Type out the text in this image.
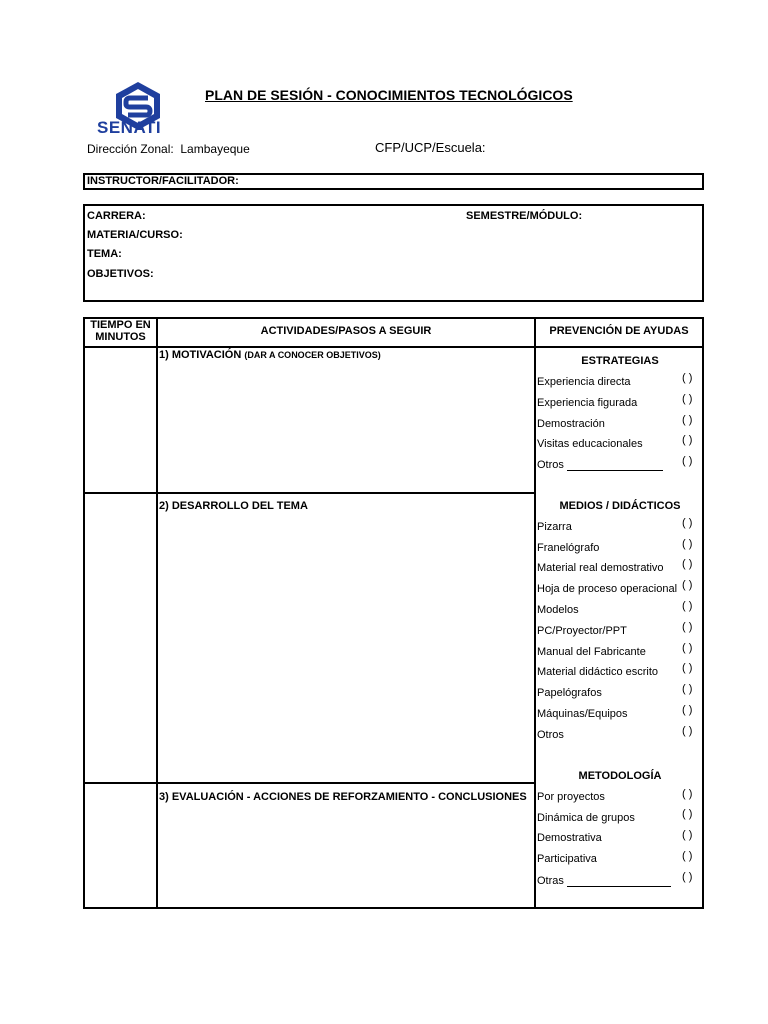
SENATI
PLAN DE SESIÓN - CONOCIMIENTOS TECNOLÓGICOS
Dirección Zonal: Lambayeque	CFP/UCP/Escuela:
INSTRUCTOR/FACILITADOR:
CARRERA:	SEMESTRE/MÓDULO:
MATERIA/CURSO:
TEMA:
OBJETIVOS:
TIEMPO EN MINUTOS	ACTIVIDADES/PASOS A SEGUIR	PREVENCIÓN DE AYUDAS
1) MOTIVACIÓN (DAR A CONOCER OBJETIVOS)
2) DESARROLLO DEL TEMA
3) EVALUACIÓN - ACCIONES DE REFORZAMIENTO - CONCLUSIONES
ESTRATEGIAS
Experiencia directa	( )
Experiencia figurada	( )
Demostración	( )
Visitas educacionales	( )
Otros	( )
MEDIOS / DIDÁCTICOS
Pizarra	( )
Franelógrafo	( )
Material real demostrativo ( )
Hoja de proceso operacional ( )
Modelos	( )
PC/Proyector/PPT	( )
Manual del Fabricante	( )
Material didáctico escrito ( )
Papelógrafos	( )
Máquinas/Equipos	( )
Otros	( )
METODOLOGÍA
Por proyectos	( )
Dinámica de grupos	( )
Demostrativa	( )
Participativa	( )
Otras	( )
